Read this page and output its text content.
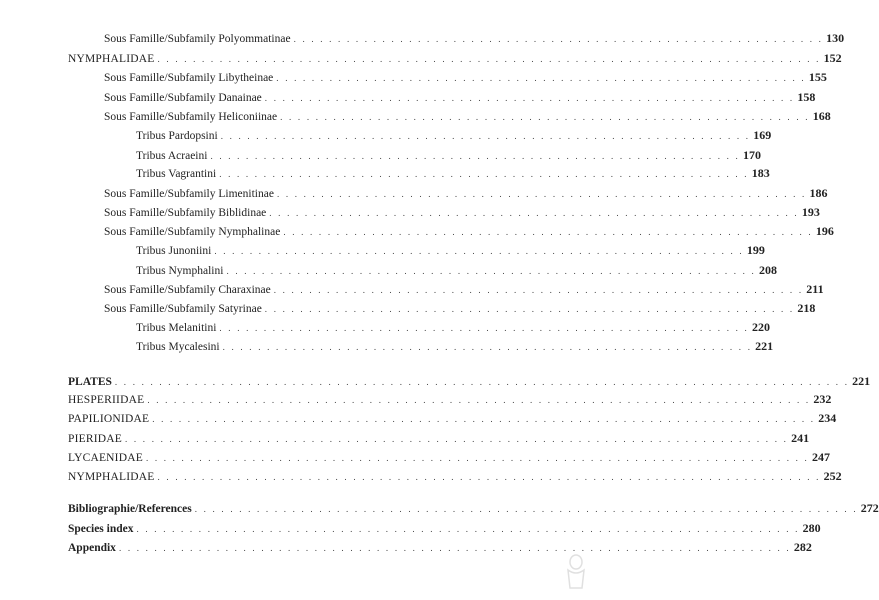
Sous Famille/Subfamily Polyommatinae . . . . . . . . . . . . . . . . . . . . . . . . . . . . . . . . . . . . . . . . . . . . . . . . . . . . . . . . . . . . 130
NYMPHALIDAE . . . . . . . . . . . . . . . . . . . . . . . . . . . . . . . . . . . . . . . . . . . . . . . . . . . . . . . . . . . . . . . . . . . . . . . . . . . 152
Sous Famille/Subfamily Libytheinae . . . . . . . . . . . . . . . . . . . . . . . . . . . . . . . . . . . . . . . . . . . . . . . . . . . . . . . . . . . . 155
Sous Famille/Subfamily Danainae . . . . . . . . . . . . . . . . . . . . . . . . . . . . . . . . . . . . . . . . . . . . . . . . . . . . . . . . . . . . 158
Sous Famille/Subfamily Heliconiinae . . . . . . . . . . . . . . . . . . . . . . . . . . . . . . . . . . . . . . . . . . . . . . . . . . . . . . . . . . . . 168
Tribus Pardopsini . . . . . . . . . . . . . . . . . . . . . . . . . . . . . . . . . . . . . . . . . . . . . . . . . . . . . . . . . . . . 169
Tribus Acraeini . . . . . . . . . . . . . . . . . . . . . . . . . . . . . . . . . . . . . . . . . . . . . . . . . . . . . . . . . . . . 170
Tribus Vagrantini . . . . . . . . . . . . . . . . . . . . . . . . . . . . . . . . . . . . . . . . . . . . . . . . . . . . . . . . . . . . 183
Sous Famille/Subfamily Limenitinae . . . . . . . . . . . . . . . . . . . . . . . . . . . . . . . . . . . . . . . . . . . . . . . . . . . . . . . . . . . . 186
Sous Famille/Subfamily Biblidinae . . . . . . . . . . . . . . . . . . . . . . . . . . . . . . . . . . . . . . . . . . . . . . . . . . . . . . . . . . . . 193
Sous Famille/Subfamily Nymphalinae . . . . . . . . . . . . . . . . . . . . . . . . . . . . . . . . . . . . . . . . . . . . . . . . . . . . . . . . . . . . 196
Tribus Junoniini . . . . . . . . . . . . . . . . . . . . . . . . . . . . . . . . . . . . . . . . . . . . . . . . . . . . . . . . . . . . 199
Tribus Nymphalini . . . . . . . . . . . . . . . . . . . . . . . . . . . . . . . . . . . . . . . . . . . . . . . . . . . . . . . . . . . . 208
Sous Famille/Subfamily Charaxinae . . . . . . . . . . . . . . . . . . . . . . . . . . . . . . . . . . . . . . . . . . . . . . . . . . . . . . . . . . . . 211
Sous Famille/Subfamily Satyrinae . . . . . . . . . . . . . . . . . . . . . . . . . . . . . . . . . . . . . . . . . . . . . . . . . . . . . . . . . . . . 218
Tribus Melanitini . . . . . . . . . . . . . . . . . . . . . . . . . . . . . . . . . . . . . . . . . . . . . . . . . . . . . . . . . . . . 220
Tribus Mycalesini . . . . . . . . . . . . . . . . . . . . . . . . . . . . . . . . . . . . . . . . . . . . . . . . . . . . . . . . . . . . 221
PLATES . . . . . . . . . . . . . . . . . . . . . . . . . . . . . . . . . . . . . . . . . . . . . . . . . . . . . . . . . . . . . . . . . . . . . . . . . . . . . . . . . . . 221
HESPERIIDAE . . . . . . . . . . . . . . . . . . . . . . . . . . . . . . . . . . . . . . . . . . . . . . . . . . . . . . . . . . . . . . . . . . . . . . . . . . . 232
PAPILIONIDAE . . . . . . . . . . . . . . . . . . . . . . . . . . . . . . . . . . . . . . . . . . . . . . . . . . . . . . . . . . . . . . . . . . . . . . . . . . . 234
PIERIDAE . . . . . . . . . . . . . . . . . . . . . . . . . . . . . . . . . . . . . . . . . . . . . . . . . . . . . . . . . . . . . . . . . . . . . . . . . . . 241
LYCAENIDAE . . . . . . . . . . . . . . . . . . . . . . . . . . . . . . . . . . . . . . . . . . . . . . . . . . . . . . . . . . . . . . . . . . . . . . . . . . . 247
NYMPHALIDAE . . . . . . . . . . . . . . . . . . . . . . . . . . . . . . . . . . . . . . . . . . . . . . . . . . . . . . . . . . . . . . . . . . . . . . . . . . . 252
Bibliographie/References . . . . . . . . . . . . . . . . . . . . . . . . . . . . . . . . . . . . . . . . . . . . . . . . . . . . . . . . . . . . . . . . . . . . . . . . . . . 272
Species index . . . . . . . . . . . . . . . . . . . . . . . . . . . . . . . . . . . . . . . . . . . . . . . . . . . . . . . . . . . . . . . . . . . . . . . . . . . 280
Appendix . . . . . . . . . . . . . . . . . . . . . . . . . . . . . . . . . . . . . . . . . . . . . . . . . . . . . . . . . . . . . . . . . . . . . . . . . . . . 282
